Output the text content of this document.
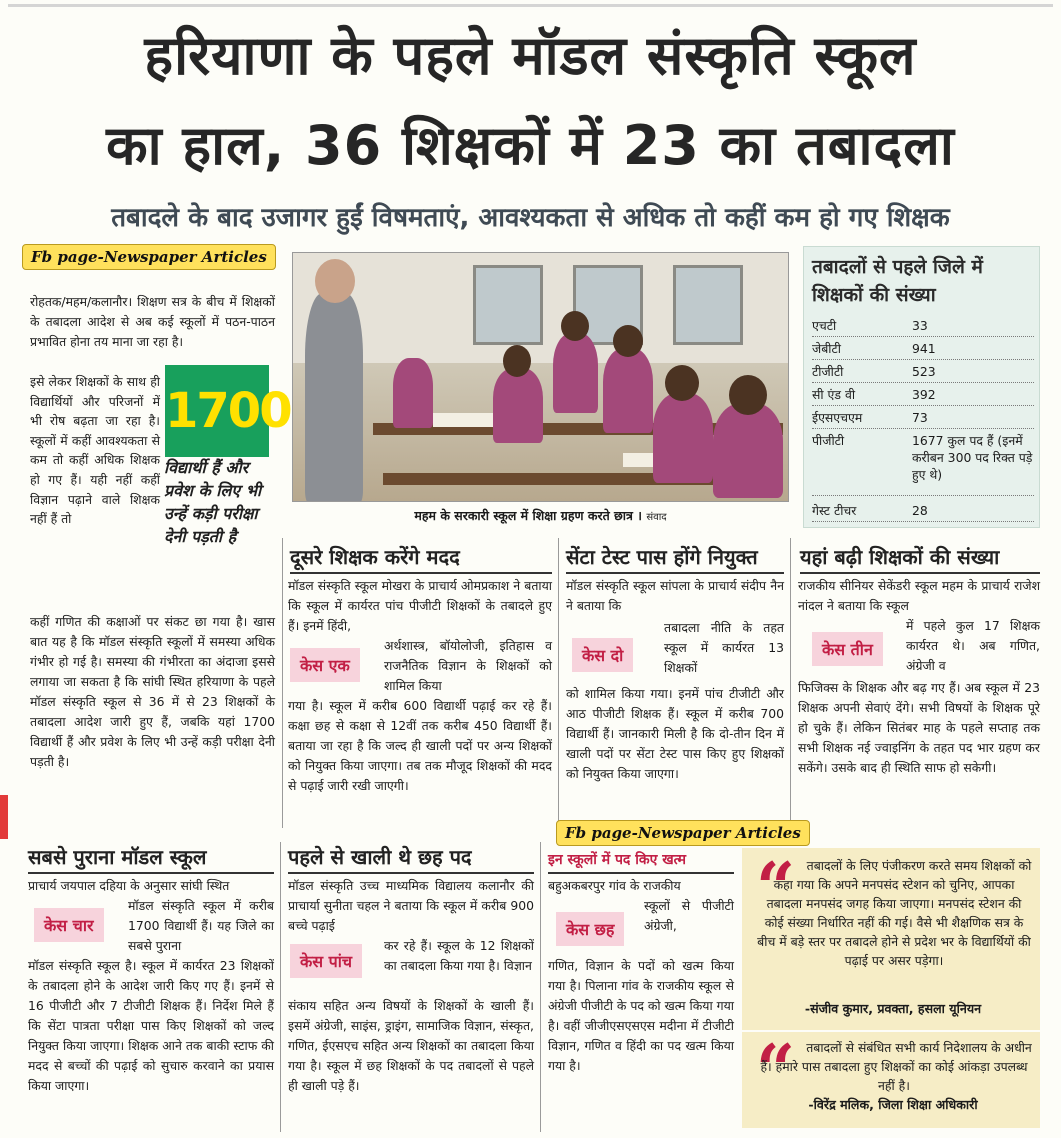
हरियाणा के पहले मॉडल संस्कृति स्कूल
का हाल, 36 शिक्षकों में 23 का तबादला
तबादले के बाद उजागर हुईं विषमताएं, आवश्यकता से अधिक तो कहीं कम हो गए शिक्षक
Fb page-Newspaper Articles
रोहतक/महम/कलानौर। शिक्षण सत्र के बीच में शिक्षकों के तबादला आदेश से अब कई स्कूलों में पठन-पाठन प्रभावित होना तय माना जा रहा है।
इसे लेकर शिक्षकों के साथ ही विद्यार्थियों और परिजनों में भी रोष बढ़ता जा रहा है। स्कूलों में कहीं आवश्यकता से कम तो कहीं अधिक शिक्षक हो गए हैं। यही नहीं कहीं विज्ञान पढ़ाने वाले शिक्षक नहीं हैं तो
1700
विद्यार्थी हैं और प्रवेश के लिए भी उन्हें कड़ी परीक्षा देनी पड़ती है
कहीं गणित की कक्षाओं पर संकट छा गया है। खास बात यह है कि मॉडल संस्कृति स्कूलों में समस्या अधिक गंभीर हो गई है। समस्या की गंभीरता का अंदाजा इससे लगाया जा सकता है कि सांघी स्थित हरियाणा के पहले मॉडल संस्कृति स्कूल से 36 में से 23 शिक्षकों के तबादला आदेश जारी हुए हैं, जबकि यहां 1700 विद्यार्थी हैं और प्रवेश के लिए भी उन्हें कड़ी परीक्षा देनी पड़ती है।
महम के सरकारी स्कूल में शिक्षा ग्रहण करते छात्र । संवाद
तबादलों से पहले जिले में शिक्षकों की संख्या
एचटी	33
जेबीटी	941
टीजीटी	523
सी एंड वी	392
ईएसएचएम	73
पीजीटी	1677 कुल पद हैं (इनमें करीबन 300 पद रिक्त पड़े हुए थे)
गेस्ट टीचर	28
दूसरे शिक्षक करेंगे मदद
मॉडल संस्कृति स्कूल मोखरा के प्राचार्य ओमप्रकाश ने बताया कि स्कूल में कार्यरत पांच पीजीटी शिक्षकों के तबादले हुए हैं। इनमें हिंदी,
केस एक
अर्थशास्त्र, बॉयोलोजी, इतिहास व राजनैतिक विज्ञान के शिक्षकों को शामिल किया
गया है। स्कूल में करीब 600 विद्यार्थी पढ़ाई कर रहे हैं। कक्षा छह से कक्षा से 12वीं तक करीब 450 विद्यार्थी हैं। बताया जा रहा है कि जल्द ही खाली पदों पर अन्य शिक्षकों को नियुक्त किया जाएगा। तब तक मौजूद शिक्षकों की मदद से पढ़ाई जारी रखी जाएगी।
सेंटा टेस्ट पास होंगे नियुक्त
मॉडल संस्कृति स्कूल सांपला के प्राचार्य संदीप नैन ने बताया कि
केस दो
तबादला नीति के तहत स्कूल में कार्यरत 13 शिक्षकों
को शामिल किया गया। इनमें पांच टीजीटी और आठ पीजीटी शिक्षक हैं। स्कूल में करीब 700 विद्यार्थी हैं। जानकारी मिली है कि दो-तीन दिन में खाली पदों पर सेंटा टेस्ट पास किए हुए शिक्षकों को नियुक्त किया जाएगा।
यहां बढ़ी शिक्षकों की संख्या
राजकीय सीनियर सेकेंडरी स्कूल महम के प्राचार्य राजेश नांदल ने बताया कि स्कूल
केस तीन
में पहले कुल 17 शिक्षक कार्यरत थे। अब गणित, अंग्रेजी व
फिजिक्स के शिक्षक और बढ़ गए हैं। अब स्कूल में 23 शिक्षक अपनी सेवाएं देंगे। सभी विषयों के शिक्षक पूरे हो चुके हैं। लेकिन सितंबर माह के पहले सप्ताह तक सभी शिक्षक नई ज्वाइनिंग के तहत पद भार ग्रहण कर सकेंगे। उसके बाद ही स्थिति साफ हो सकेगी।
Fb page-Newspaper Articles
सबसे पुराना मॉडल स्कूल
प्राचार्य जयपाल दहिया के अनुसार सांघी स्थित
केस चार
मॉडल संस्कृति स्कूल में करीब 1700 विद्यार्थी हैं। यह जिले का सबसे पुराना
मॉडल संस्कृति स्कूल है। स्कूल में कार्यरत 23 शिक्षकों के तबादला होने के आदेश जारी किए गए हैं। इनमें से 16 पीजीटी और 7 टीजीटी शिक्षक हैं। निर्देश मिले हैं कि सेंटा पात्रता परीक्षा पास किए शिक्षकों को जल्द नियुक्त किया जाएगा। शिक्षक आने तक बाकी स्टाफ की मदद से बच्चों की पढ़ाई को सुचारु करवाने का प्रयास किया जाएगा।
पहले से खाली थे छह पद
मॉडल संस्कृति उच्च माध्यमिक विद्यालय कलानौर की प्राचार्या सुनीता चहल ने बताया कि स्कूल में करीब 900 बच्चे पढ़ाई
केस पांच
कर रहे हैं। स्कूल के 12 शिक्षकों का तबादला किया गया है। विज्ञान
संकाय सहित अन्य विषयों के शिक्षकों के खाली हैं। इसमें अंग्रेजी, साइंस, ड्राइंग, सामाजिक विज्ञान, संस्कृत, गणित, ईएसएच सहित अन्य शिक्षकों का तबादला किया गया है। स्कूल में छह शिक्षकों के पद तबादलों से पहले ही खाली पड़े हैं।
इन स्कूलों में पद किए खत्म
बहुअकबरपुर गांव के राजकीय
केस छह
स्कूलों से पीजीटी अंग्रेजी,
गणित, विज्ञान के पदों को खत्म किया गया है। पिलाना गांव के राजकीय स्कूल से अंग्रेजी पीजीटी के पद को खत्म किया गया है। वहीं जीजीएसएसएस मदीना में टीजीटी विज्ञान, गणित व हिंदी का पद खत्म किया गया है।
“ तबादलों के लिए पंजीकरण करते समय शिक्षकों को कहा गया कि अपने मनपसंद स्टेशन को चुनिए, आपका तबादला मनपसंद जगह किया जाएगा। मनपसंद स्टेशन की कोई संख्या निर्धारित नहीं की गई। वैसे भी शैक्षणिक सत्र के बीच में बड़े स्तर पर तबादले होने से प्रदेश भर के विद्यार्थियों की पढ़ाई पर असर पड़ेगा।
-संजीव कुमार, प्रवक्ता, हसला यूनियन
“ तबादलों से संबंधित सभी कार्य निदेशालय के अधीन हैं। हमारे पास तबादला हुए शिक्षकों का कोई आंकड़ा उपलब्ध नहीं है।
-विरेंद्र मलिक, जिला शिक्षा अधिकारी
